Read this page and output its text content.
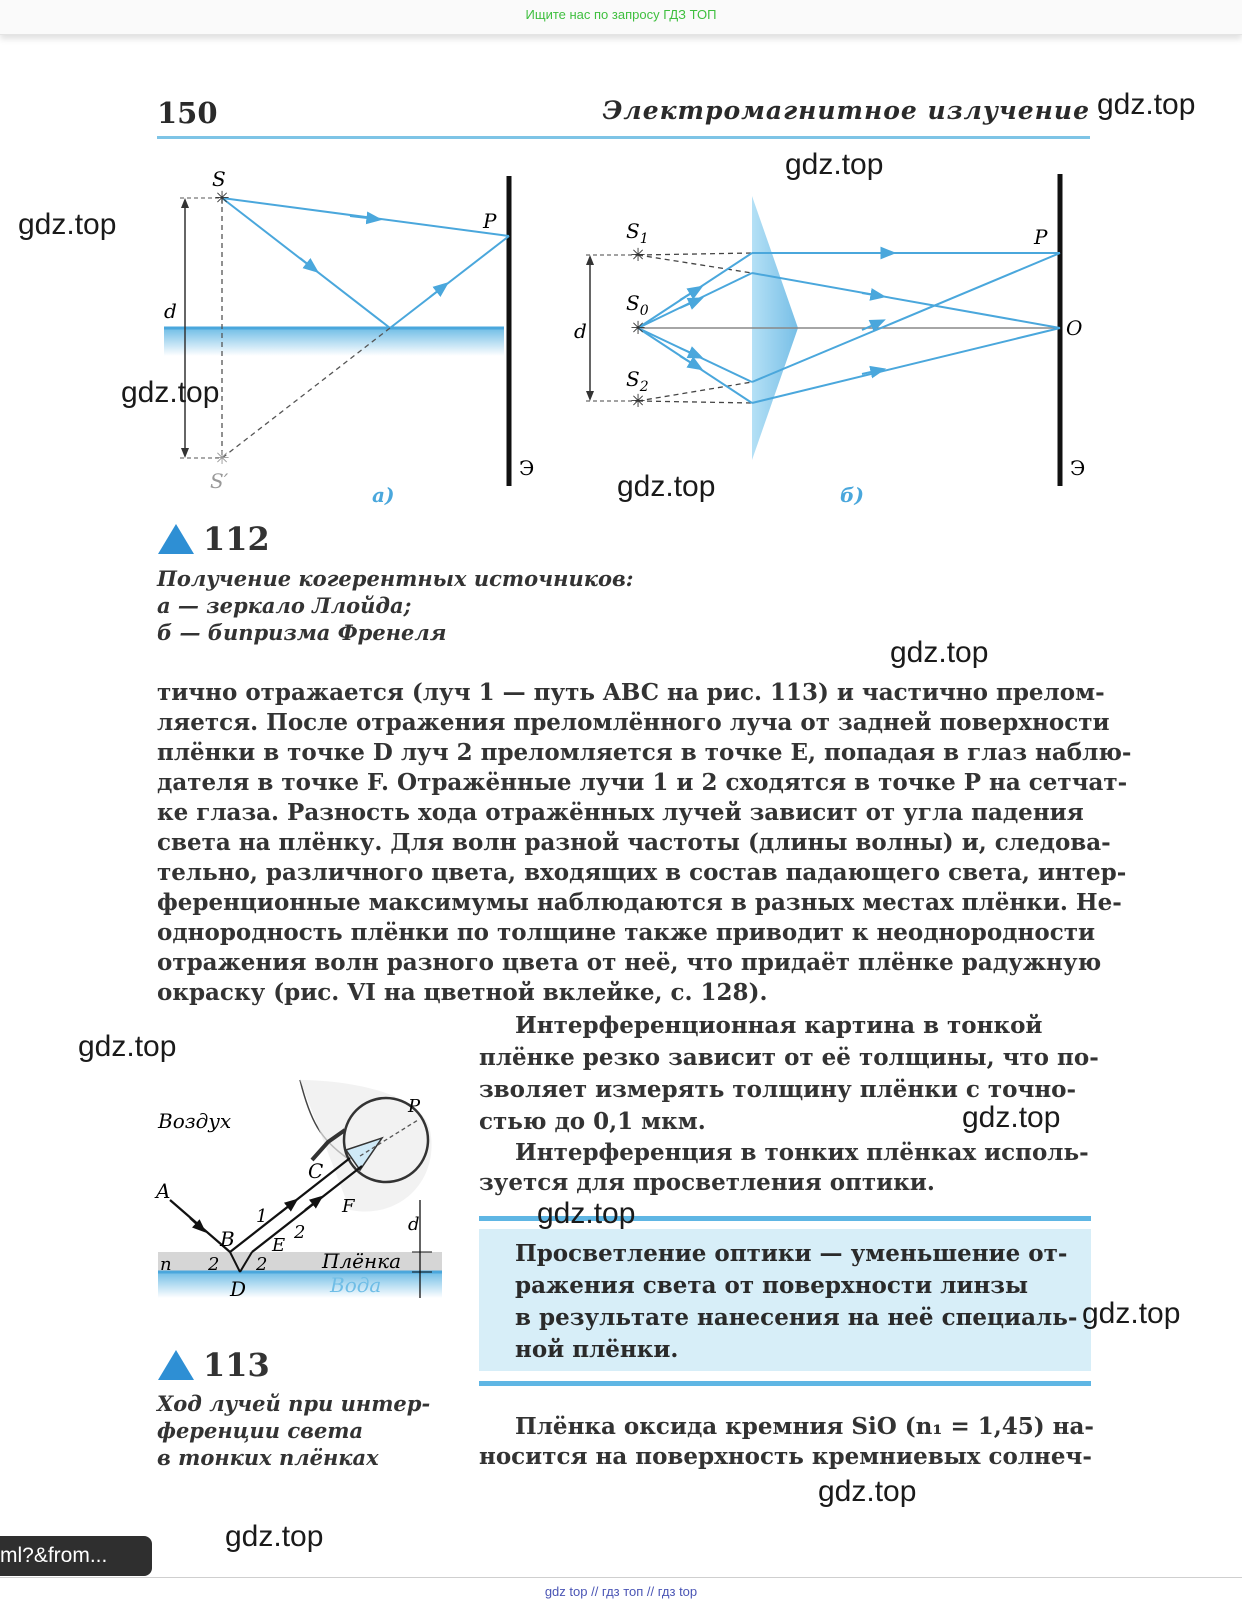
Ищите нас по запросу ГДЗ ТОП
150	Электромагнитное излучение
✳
✳
S
S′
P
d
Э
а)
✳
✳
✳
$S_1$
$S_0$
$S_2$
d
P
O
Э
б)
112
Получение когерентных источников:
а — зеркало Ллойда;
б — бипризма Френеля
тично отражается (луч 1 — путь ABC на рис. 113) и частично прелом-
ляется. После отражения преломлённого луча от задней поверхности
плёнки в точке D луч 2 преломляется в точке E, попадая в глаз наблю-
дателя в точке F. Отражённые лучи 1 и 2 сходятся в точке P на сетчат-
ке глаза. Разность хода отражённых лучей зависит от угла падения
света на плёнку. Для волн разной частоты (длины волны) и, следова-
тельно, различного цвета, входящих в состав падающего света, интер-
ференционные максимумы наблюдаются в разных местах плёнки. Не-
однородность плёнки по толщине также приводит к неоднородности
отражения волн разного цвета от неё, что придаёт плёнке радужную
окраску (рис. VI на цветной вклейке, с. 128).
Интерференционная картина в тонкой
плёнке резко зависит от её толщины, что по-
зволяет измерять толщину плёнки с точно-
стью до 0,1 мкм.
Интерференция в тонких плёнках исполь-
зуется для просветления оптики.
Просветление оптики — уменьшение от-
ражения света от поверхности линзы
в результате нанесения на неё специаль-
ной плёнки.
Плёнка оксида кремния SiO (n₁ = 1,45) на-
носится на поверхность кремниевых солнеч-
Воздух
A
B
C
D
E
F
P
n
d
1
2
2 2	Плёнка
Вода
113
Ход лучей при интер-
ференции света
в тонких плёнках
gdz.top
gdz.top
gdz.top
gdz.top
gdz.top
gdz.top
gdz.top
gdz.top
gdz.top
gdz.top
gdz.top
gdz.top
ml?&from...
gdz top // гдз топ // гдз top
